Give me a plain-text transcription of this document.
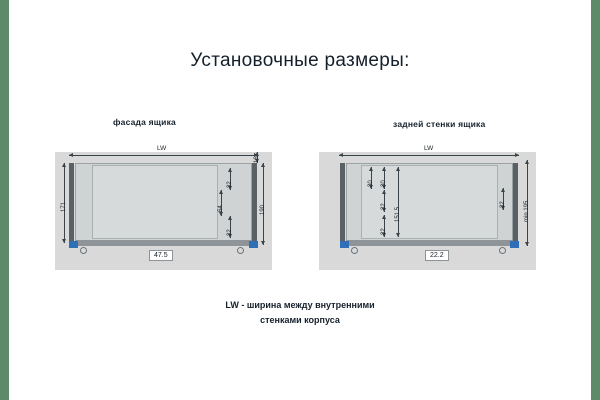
Установочные размеры:
фасада ящика
LW
171	190
16
32
64
32
47.5
задней стенки ящика
LW
30 30
32
151.5
32
32	min 195
22.2
LW - ширина между внутренними
стенками корпуса
